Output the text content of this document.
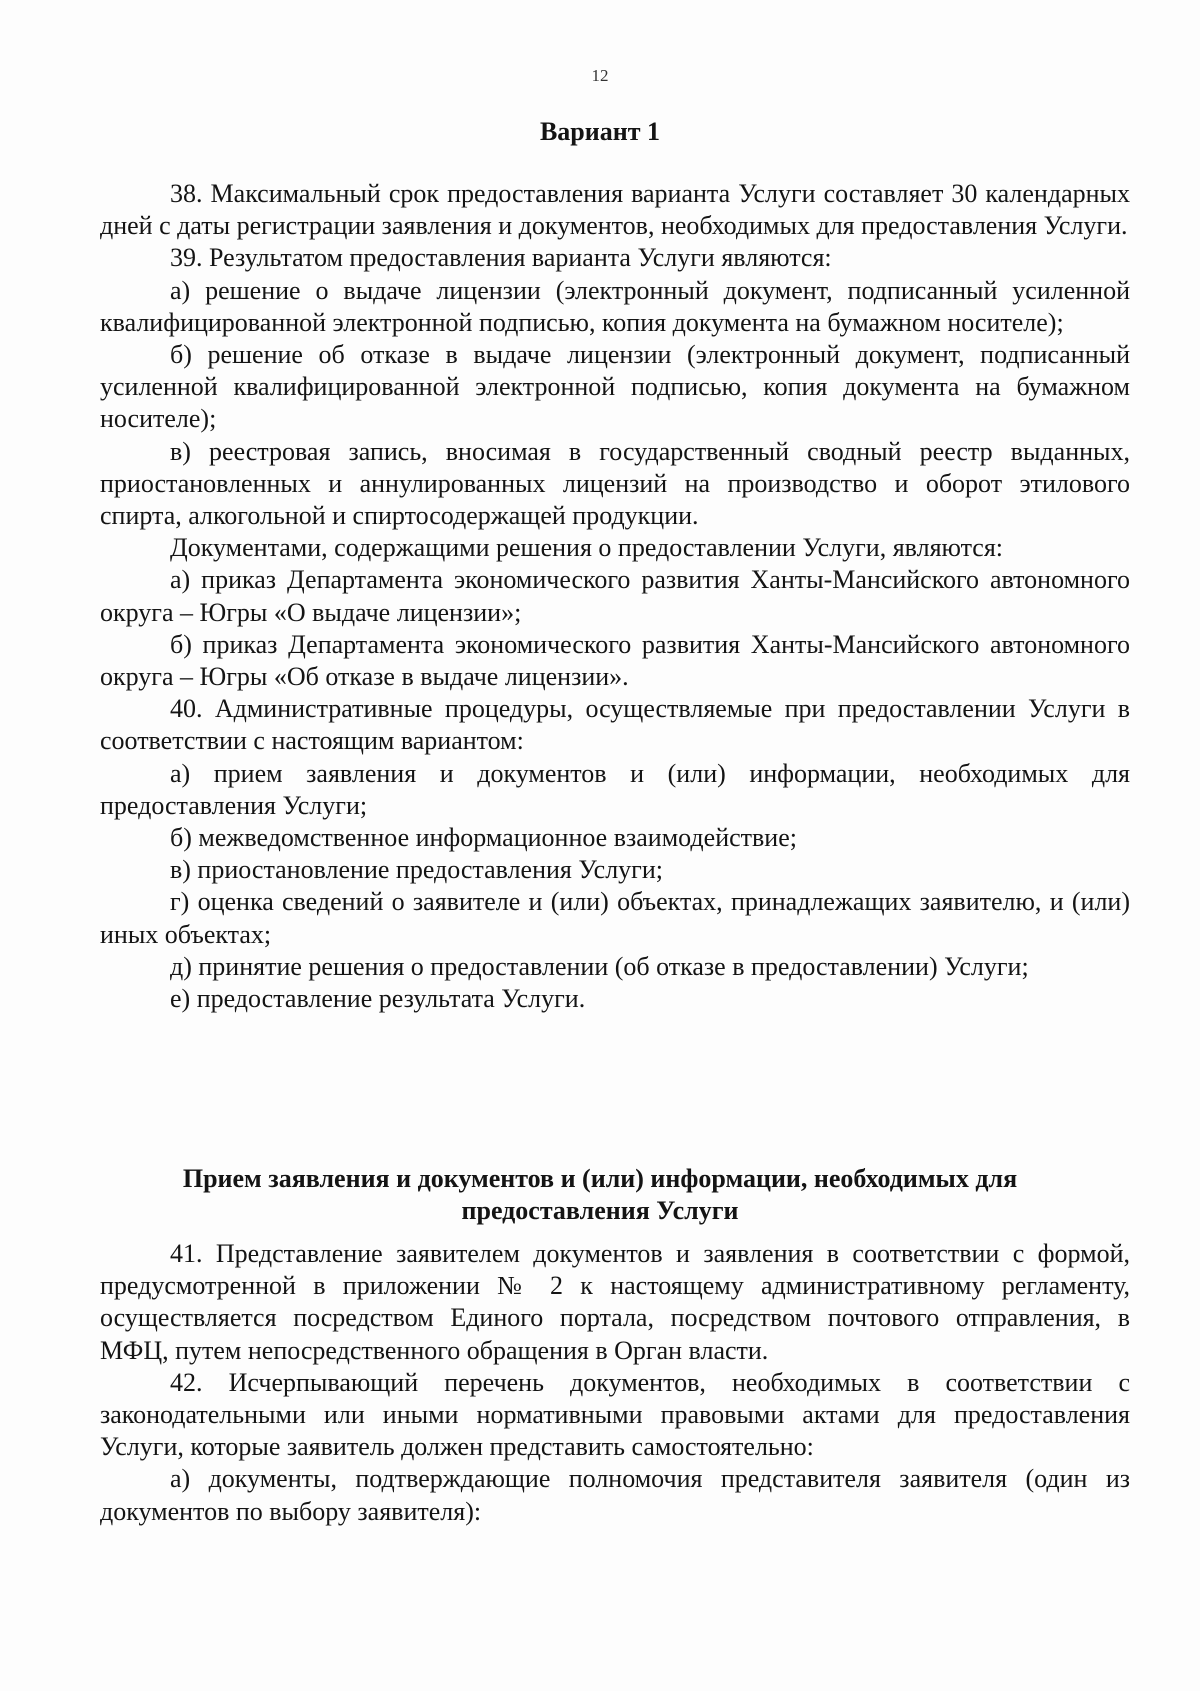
12
Вариант 1

38. Максимальный срок предоставления варианта Услуги составляет 30 календарных дней с даты регистрации заявления и документов, необходимых для предоставления Услуги.

39. Результатом предоставления варианта Услуги являются:

а) решение о выдаче лицензии (электронный документ, подписанный усиленной квалифицированной электронной подписью, копия документа на бумажном носителе);

б) решение об отказе в выдаче лицензии (электронный документ, подписанный усиленной квалифицированной электронной подписью, копия документа на бумажном носителе);

в) реестровая запись, вносимая в государственный сводный реестр выданных, приостановленных и аннулированных лицензий на производство и оборот этилового спирта, алкогольной и спиртосодержащей продукции.

Документами, содержащими решения о предоставлении Услуги, являются:

а) приказ Департамента экономического развития Ханты-Мансийского автономного округа – Югры «О выдаче лицензии»;

б) приказ Департамента экономического развития Ханты-Мансийского автономного округа – Югры «Об отказе в выдаче лицензии».

40. Административные процедуры, осуществляемые при предоставлении Услуги в соответствии с настоящим вариантом:

а) прием заявления и документов и (или) информации, необходимых для предоставления Услуги;

б) межведомственное информационное взаимодействие;

в) приостановление предоставления Услуги;

г) оценка сведений о заявителе и (или) объектах, принадлежащих заявителю, и (или) иных объектах;

д) принятие решения о предоставлении (об отказе в предоставлении) Услуги;

е) предоставление результата Услуги.

Прием заявления и документов и (или) информации, необходимых для
предоставления Услуги

41. Представление заявителем документов и заявления в соответствии с формой, предусмотренной в приложении № 2 к настоящему административному регламенту, осуществляется посредством Единого портала, посредством почтового отправления, в МФЦ, путем непосредственного обращения в Орган власти.

42. Исчерпывающий перечень документов, необходимых в соответствии с законодательными или иными нормативными правовыми актами для предоставления Услуги, которые заявитель должен представить самостоятельно:

а) документы, подтверждающие полномочия представителя заявителя (один из документов по выбору заявителя):
